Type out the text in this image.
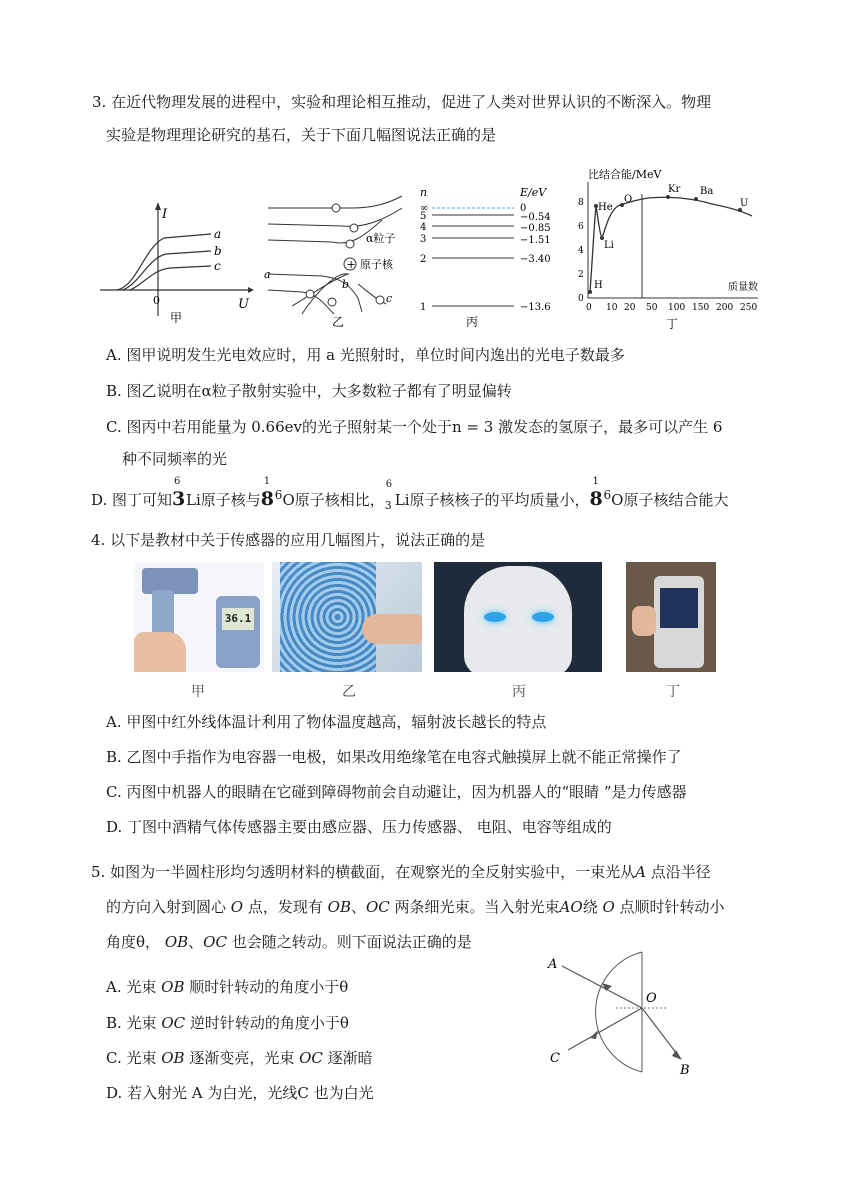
3. 在近代物理发展的进程中，实验和理论相互推动，促进了人类对世界认识的不断深入。物理
实验是物理理论研究的基石，关于下面几幅图说法正确的是
I
U
0
a
b
c
甲
+
α粒子
原子核
a
b
c
乙
n	E/eV
∞
5
4
3
2
1
0
−0.54
−0.85
−1.51
−3.40
−13.6
丙
比结合能/MeV
质量数
0
2
4
6
8
0 10 20 50 100 150 200 250
He
Li
H
O
Kr Ba
U
丁
A. 图甲说明发生光电效应时，用 a 光照射时，单位时间内逸出的光电子数最多
B. 图乙说明在α粒子散射实验中，大多数粒子都有了明显偏转
C. 图丙中若用能量为 0.66ev的光子照射某一个处于n = 3 激发态的氢原子，最多可以产生 6
种不同频率的光
D. 图丁可知
6
3Li原子核与
1
$8^6O$原子核相比，
6
$_3$ Li原子核核子的平均质量小，
1
$8^6O$原子核结合能大
4. 以下是教材中关于传感器的应用几幅图片，说法正确的是
36.1
甲	乙	丙	丁
A. 甲图中红外线体温计利用了物体温度越高，辐射波长越长的特点
B. 乙图中手指作为电容器一电极，如果改用绝缘笔在电容式触摸屏上就不能正常操作了
C. 丙图中机器人的眼睛在它碰到障碍物前会自动避让，因为机器人的“眼睛 ”是力传感器
D. 丁图中酒精气体传感器主要由感应器、压力传感器、 电阻、电容等组成的
5. 如图为一半圆柱形均匀透明材料的横截面，在观察光的全反射实验中，一束光从A 点沿半径
的方向入射到圆心 O 点，发现有 OB、OC 两条细光束。当入射光束AO绕 O 点顺时针转动小
角度θ， OB、OC 也会随之转动。则下面说法正确的是
A. 光束 OB 顺时针转动的角度小于θ
B. 光束 OC 逆时针转动的角度小于θ
C. 光束 OB 逐渐变亮，光束 OC 逐渐暗
D. 若入射光 A 为白光，光线C 也为白光
A
O
B
C
